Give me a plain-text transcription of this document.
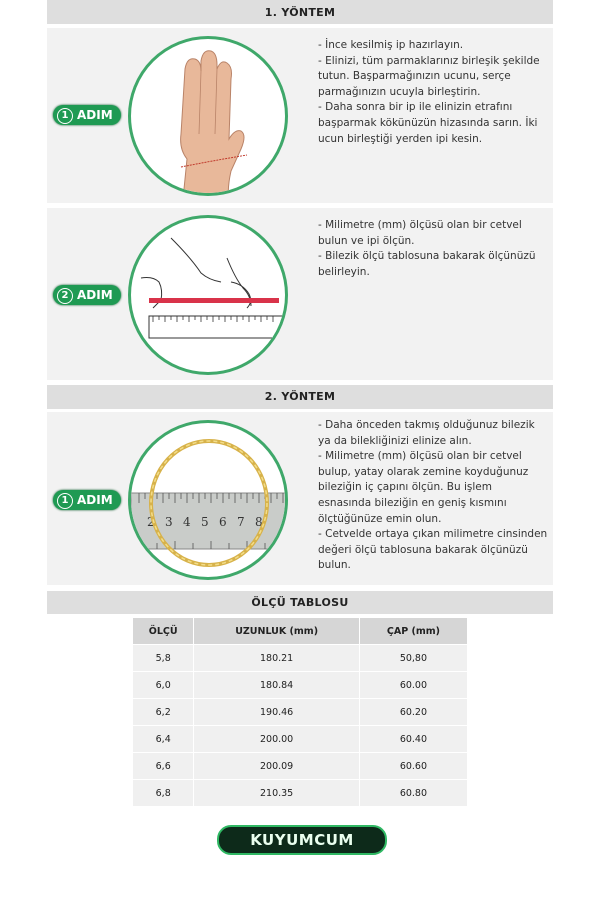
1. YÖNTEM
1 ADIM

- İnce kesilmiş ip hazırlayın.

- Elinizi, tüm parmaklarınız birleşik şekilde tutun. Başparmağınızın ucunu, serçe parmağınızın ucuyla birleştirin.

- Daha sonra bir ip ile elinizin etrafını başparmak kökünüzün hizasında sarın. İki ucun birleştiği yerden ipi kesin.

2 ADIM

- Milimetre (mm) ölçüsü olan bir cetvel bulun ve ipi ölçün.

- Bilezik ölçü tablosuna bakarak ölçünüzü belirleyin.

2. YÖNTEM
2 3 4 5 6 7 8
1 ADIM

- Daha önceden takmış olduğunuz bilezik ya da bilekliğinizi elinize alın.

- Milimetre (mm) ölçüsü olan bir cetvel bulup, yatay olarak zemine koyduğunuz bileziğin iç çapını ölçün. Bu işlem esnasında bileziğin en geniş kısmını ölçtüğünüze emin olun.

- Cetvelde ortaya çıkan milimetre cinsinden değeri ölçü tablosuna bakarak ölçünüzü bulun.

ÖLÇÜ TABLOSU
ÖLÇÜ	UZUNLUK (mm)	ÇAP (mm)
5,8	180.21	50,80
6,0	180.84	60.00
6,2	190.46	60.20
6,4	200.00	60.40
6,6	200.09	60.60
6,8	210.35	60.80
KUYUMCUM
